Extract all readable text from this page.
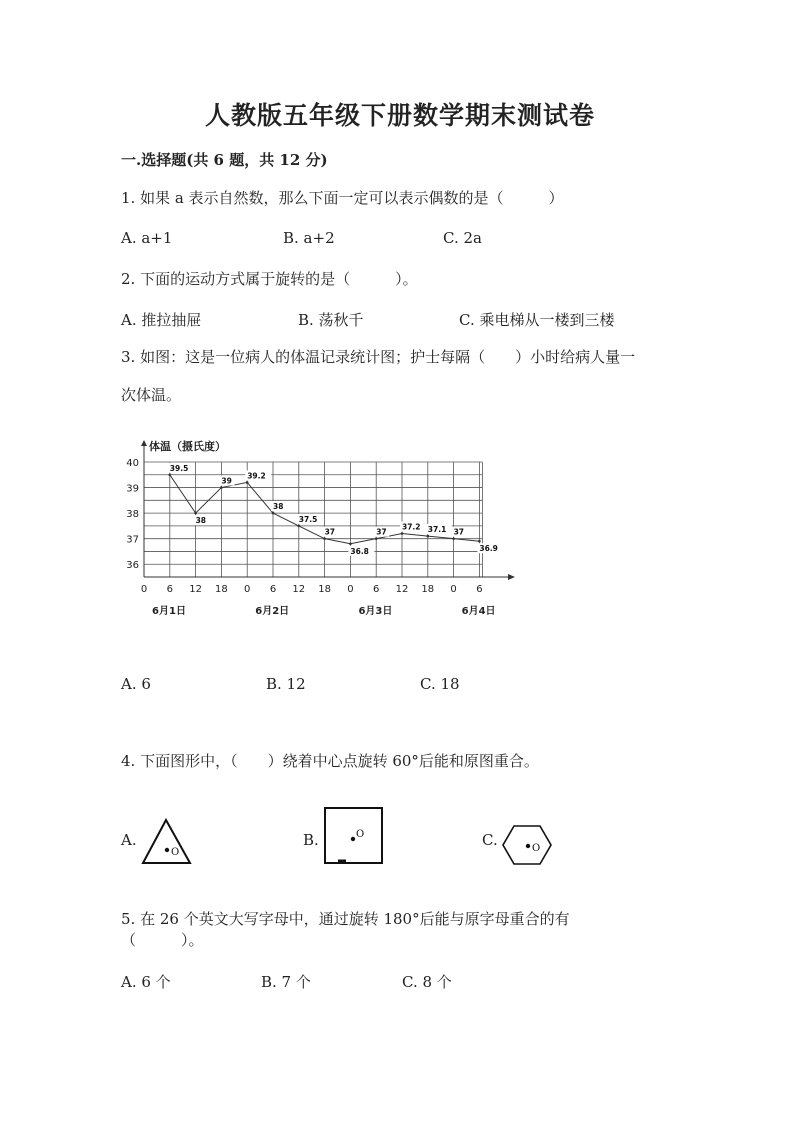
人教版五年级下册数学期末测试卷
一.选择题(共 6 题，共 12 分)
1. 如果 a 表示自然数，那么下面一定可以表示偶数的是（　　　）
A. a+1	B. a+2	C. 2a
2. 下面的运动方式属于旋转的是（　　　）。
A. 推拉抽屉	B. 荡秋千	C. 乘电梯从一楼到三楼
3. 如图：这是一位病人的体温记录统计图；护士每隔（　　）小时给病人量一
次体温。
36
37
38
39
40
0 6 12 18 0 6 12 18 0 6 12 18 0 6
6月1日	6月2日	6月3日	6月4日
39.5
38
39
39.2
38
37.5
37
36.8
37
37.2 37.1 37
36.9
体温（摄氏度）
A. 6	B. 12	C. 18
4. 下面图形中，（　　）绕着中心点旋转 60°后能和原图重合。
A.
O
B.	O	C.	O
5. 在 26 个英文大写字母中，通过旋转 180°后能与原字母重合的有
（　　　）。
A. 6 个	B. 7 个	C. 8 个
